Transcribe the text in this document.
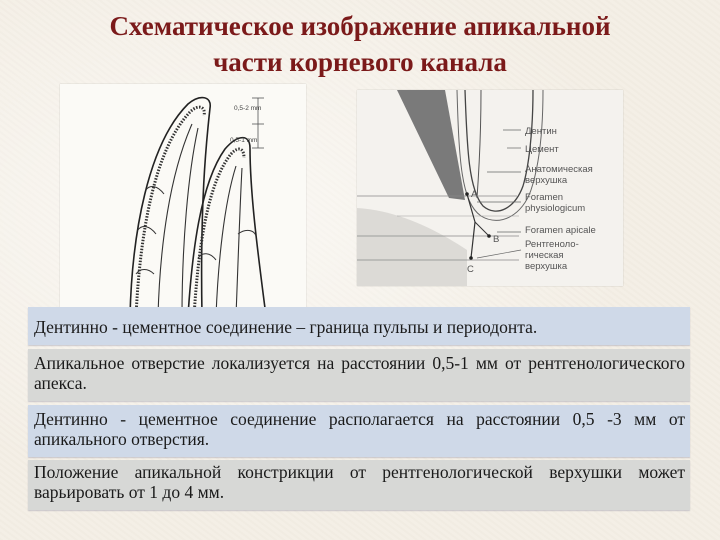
Схематическое изображение апикальной
части корневого канала
0,5-2 mm
0,5-1 mm
A
B
C
Дентин
Цемент
Анатомическая
верхушка
Foramen
physiologicum
Foramen apicale
Рентгеноло-
гическая
верхушка
Дентинно - цементное соединение – граница пульпы и периодонта.
Апикальное отверстие локализуется на расстоянии 0,5-1 мм от рентгенологического апекса.
Дентинно - цементное соединение располагается на расстоянии 0,5 -3 мм от апикального отверстия.
Положение апикальной констрикции от рентгенологической верхушки может варьировать от 1 до 4 мм.
